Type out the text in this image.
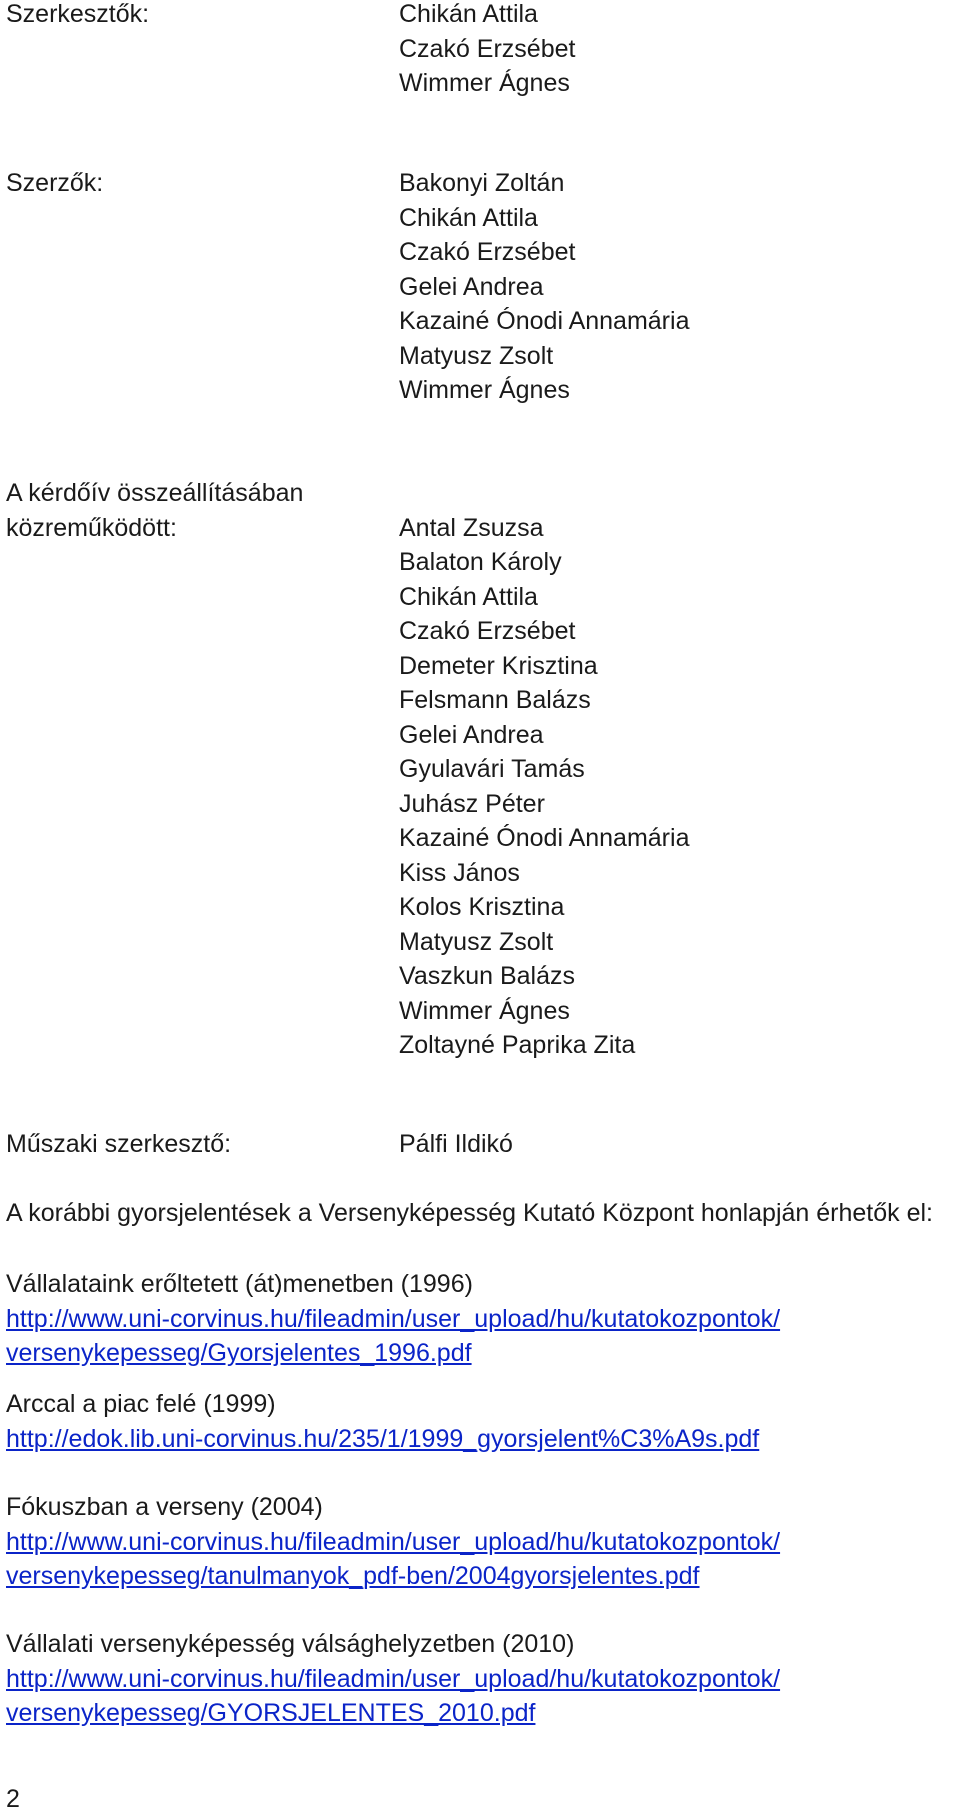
Szerkesztők:	Chikán Attila
Czakó Erzsébet
Wimmer Ágnes
Szerzők:	Bakonyi Zoltán
Chikán Attila
Czakó Erzsébet
Gelei Andrea
Kazainé Ónodi Annamária
Matyusz Zsolt
Wimmer Ágnes
A kérdőív összeállításában
közreműködött:	Antal Zsuzsa
Balaton Károly
Chikán Attila
Czakó Erzsébet
Demeter Krisztina
Felsmann Balázs
Gelei Andrea
Gyulavári Tamás
Juhász Péter
Kazainé Ónodi Annamária
Kiss János
Kolos Krisztina
Matyusz Zsolt
Vaszkun Balázs
Wimmer Ágnes
Zoltayné Paprika Zita
Műszaki szerkesztő:	Pálfi Ildikó
A korábbi gyorsjelentések a Versenyképesség Kutató Központ honlapján érhetők el:
Vállalataink erőltetett (át)menetben (1996)
http://www.uni-corvinus.hu/fileadmin/user_upload/hu/kutatokozpontok/
versenykepesseg/Gyorsjelentes_1996.pdf
Arccal a piac felé (1999)
http://edok.lib.uni-corvinus.hu/235/1/1999_gyorsjelent%C3%A9s.pdf
Fókuszban a verseny (2004)
http://www.uni-corvinus.hu/fileadmin/user_upload/hu/kutatokozpontok/
versenykepesseg/tanulmanyok_pdf-ben/2004gyorsjelentes.pdf
Vállalati versenyképesség válsághelyzetben (2010)
http://www.uni-corvinus.hu/fileadmin/user_upload/hu/kutatokozpontok/
versenykepesseg/GYORSJELENTES_2010.pdf
2
